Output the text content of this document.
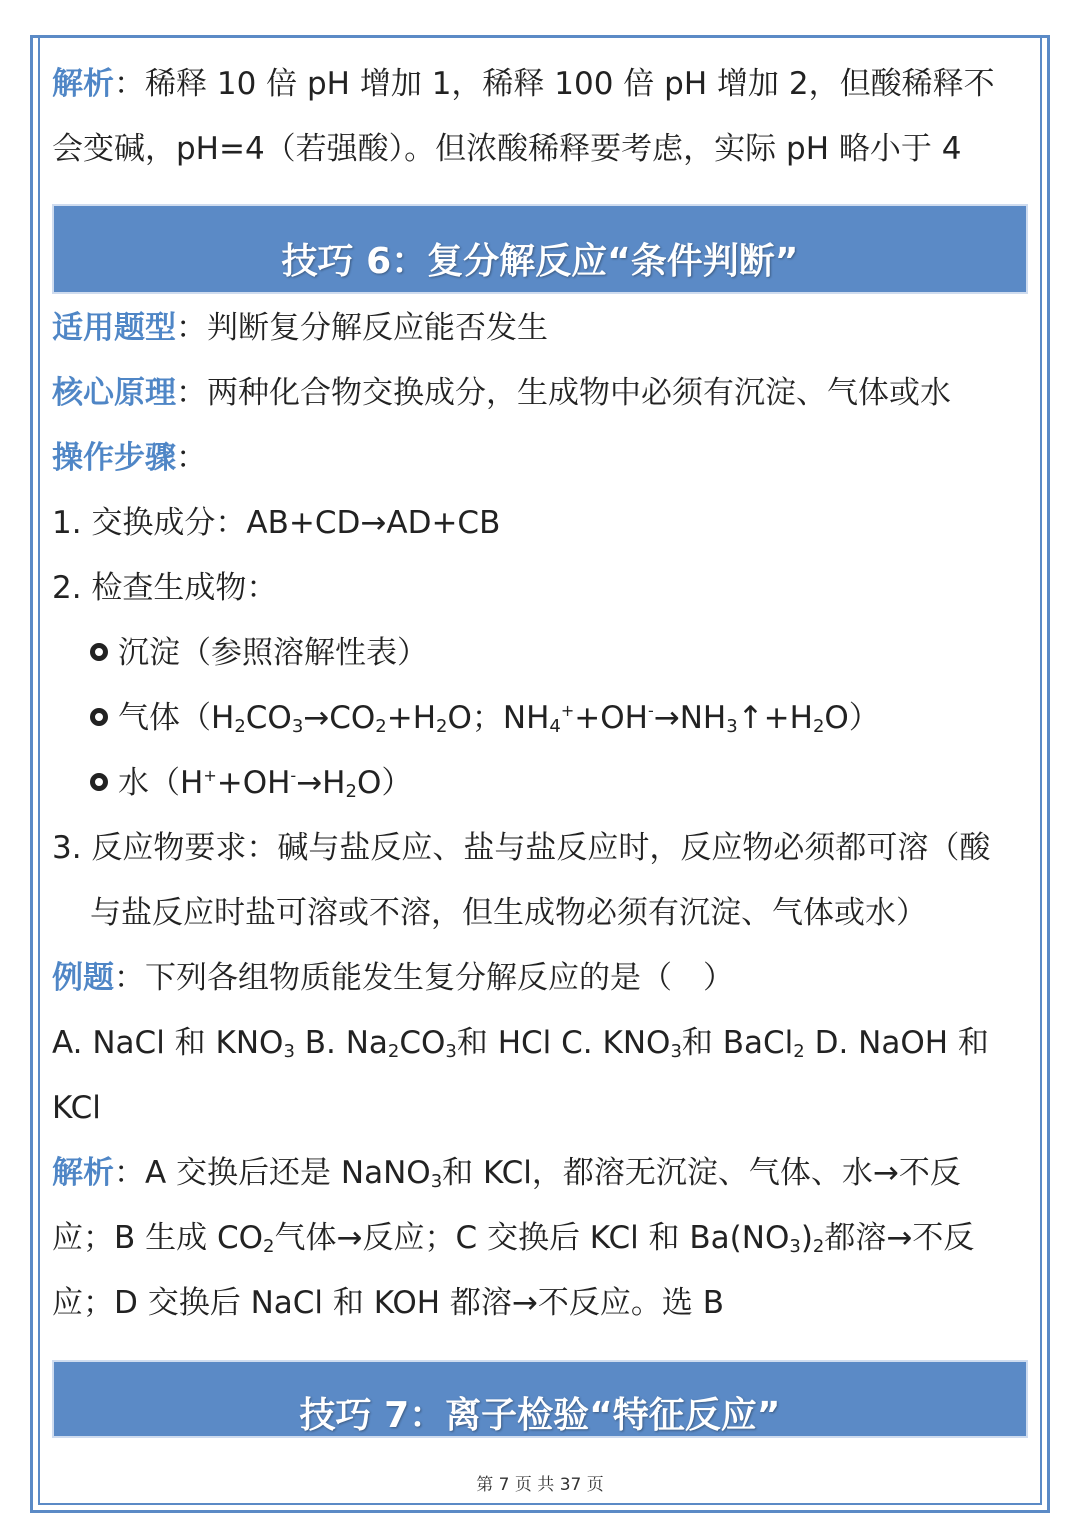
解析：稀释 10 倍 pH 增加 1，稀释 100 倍 pH 增加 2，但酸稀释不
会变碱，pH=4（若强酸）。但浓酸稀释要考虑，实际 pH 略小于 4
技巧 6：复分解反应“条件判断”
适用题型：判断复分解反应能否发生
核心原理：两种化合物交换成分，生成物中必须有沉淀、气体或水
操作步骤：
1. 交换成分：AB+CD→AD+CB
2. 检查生成物：
沉淀（参照溶解性表）
气体（$H_2CO_3\to CO_2+H_2O$；$NH_4^++OH^-\to NH_3↑+H_2O$）
水$(H^++OH^-\to H_2O)$
3. 反应物要求：碱与盐反应、盐与盐反应时，反应物必须都可溶（酸
与盐反应时盐可溶或不溶，但生成物必须有沉淀、气体或水）
例题：下列各组物质能发生复分解反应的是（　）
A. NaCl 和 $KNO_3$ B. $Na_2CO_3$和 HCl C. $KNO_3$和 BaCl$_2$ D. NaOH 和
KCl
解析：A 交换后还是 NaNO$_3$和 KCl，都溶无沉淀、气体、水→不反
应；B 生成 $CO_2$气体→反应；C 交换后 KCl 和 $Ba(NO_3)_2$都溶→不反
应；D 交换后 NaCl 和 KOH 都溶→不反应。选 B
技巧 7：离子检验“特征反应”
第 7 页 共 37 页
